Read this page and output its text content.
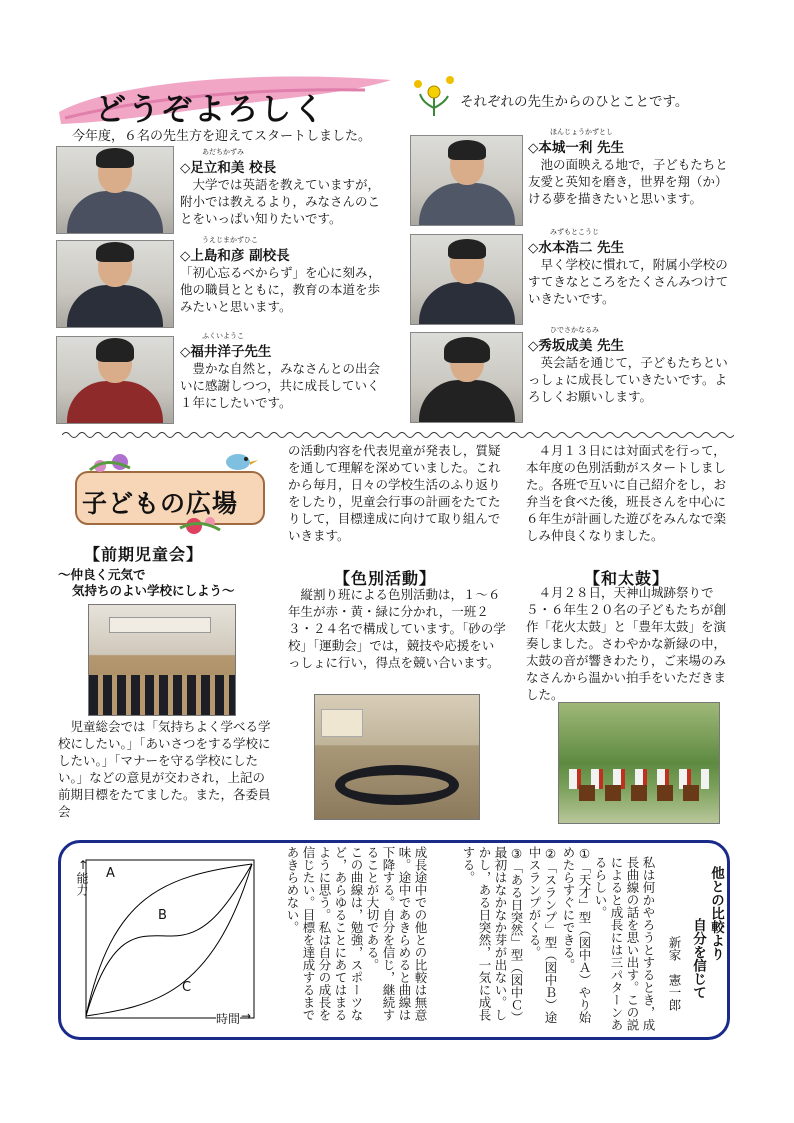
どうぞよろしく	それぞれの先生からのひとことです。
今年度，６名の先生方を迎えてスタートしました。
あだちかずみ
◇足立和美 校長

大学では英語を教えていますが，附小では教えるより，みなさんのことをいっぱい知りたいです。

うえじまかずひこ
◇上島和彦 副校長

「初心忘るべからず」を心に刻み，他の職員とともに，教育の本道を歩みたいと思います。

ふくいようこ
◇福井洋子先生

豊かな自然と，みなさんとの出会いに感謝しつつ，共に成長していく１年にしたいです。

ほんじょうかずとし
◇本城一利 先生

池の面映える地で，子どもたちと友愛と英知を磨き，世界を翔（か）ける夢を描きたいと思います。

みずもとこうじ
◇水本浩二 先生

早く学校に慣れて，附属小学校のすてきなところをたくさんみつけていきたいです。

ひでさかなるみ
◇秀坂成美 先生

英会話を通じて，子どもたちといっしょに成長していきたいです。よろしくお願いします。

子どもの広場
【前期児童会】
～仲良く元気で
気持ちのよい学校にしよう～

児童総会では「気持ちよく学べる学校にしたい。」「あいさつをする学校にしたい。」「マナーを守る学校にしたい。」などの意見が交わされ，上記の前期目標をたてました。また，各委員会

の活動内容を代表児童が発表し，質疑を通して理解を深めていました。これから毎月，日々の学校生活のふり返りをしたり，児童会行事の計画をたてたりして，目標達成に向けて取り組んでいきます。

【色別活動】

縦割り班による色別活動は，１～６年生が赤・黄・緑に分かれ，一班２３・２４名で構成しています。「砂の学校」「運動会」では，競技や応援をいっしょに行い，得点を競い合います。

４月１３日には対面式を行って，本年度の色別活動がスタートしました。各班で互いに自己紹介をし，お弁当を食べた後，班長さんを中心に６年生が計画した遊びをみんなで楽しみ仲良くなりました。

【和太鼓】

４月２８日，天神山城跡祭りで５・６年生２０名の子どもたちが創作「花火太鼓」と「豊年太鼓」を演奏しました。さわやかな新緑の中，太鼓の音が響きわたり，ご来場のみなさんから温かい拍手をいただきました。

↑
能力 A
B
C
時間 →
他との比較より
自分を信じて
新家　憲一郎
私は何かやろうとするとき，成長曲線の話を思い出す。この説によると成長には三パターンあるらしい。
①「天才」型（図中Ａ）やり始めたらすぐにできる。
②「スランプ」型（図中Ｂ）途中スランプがくる。
③「ある日突然」型（図中Ｃ）最初はなかなか芽が出ない。しかし，ある日突然，一気に成長する。
成長途中での他との比較は無意味。途中であきらめると曲線は下降する。自分を信じ，継続することが大切である。
この曲線は，勉強，スポーツなど，あらゆることにあてはまるように思う。私は自分の成長を信じたい。目標を達成するまであきらめない。
